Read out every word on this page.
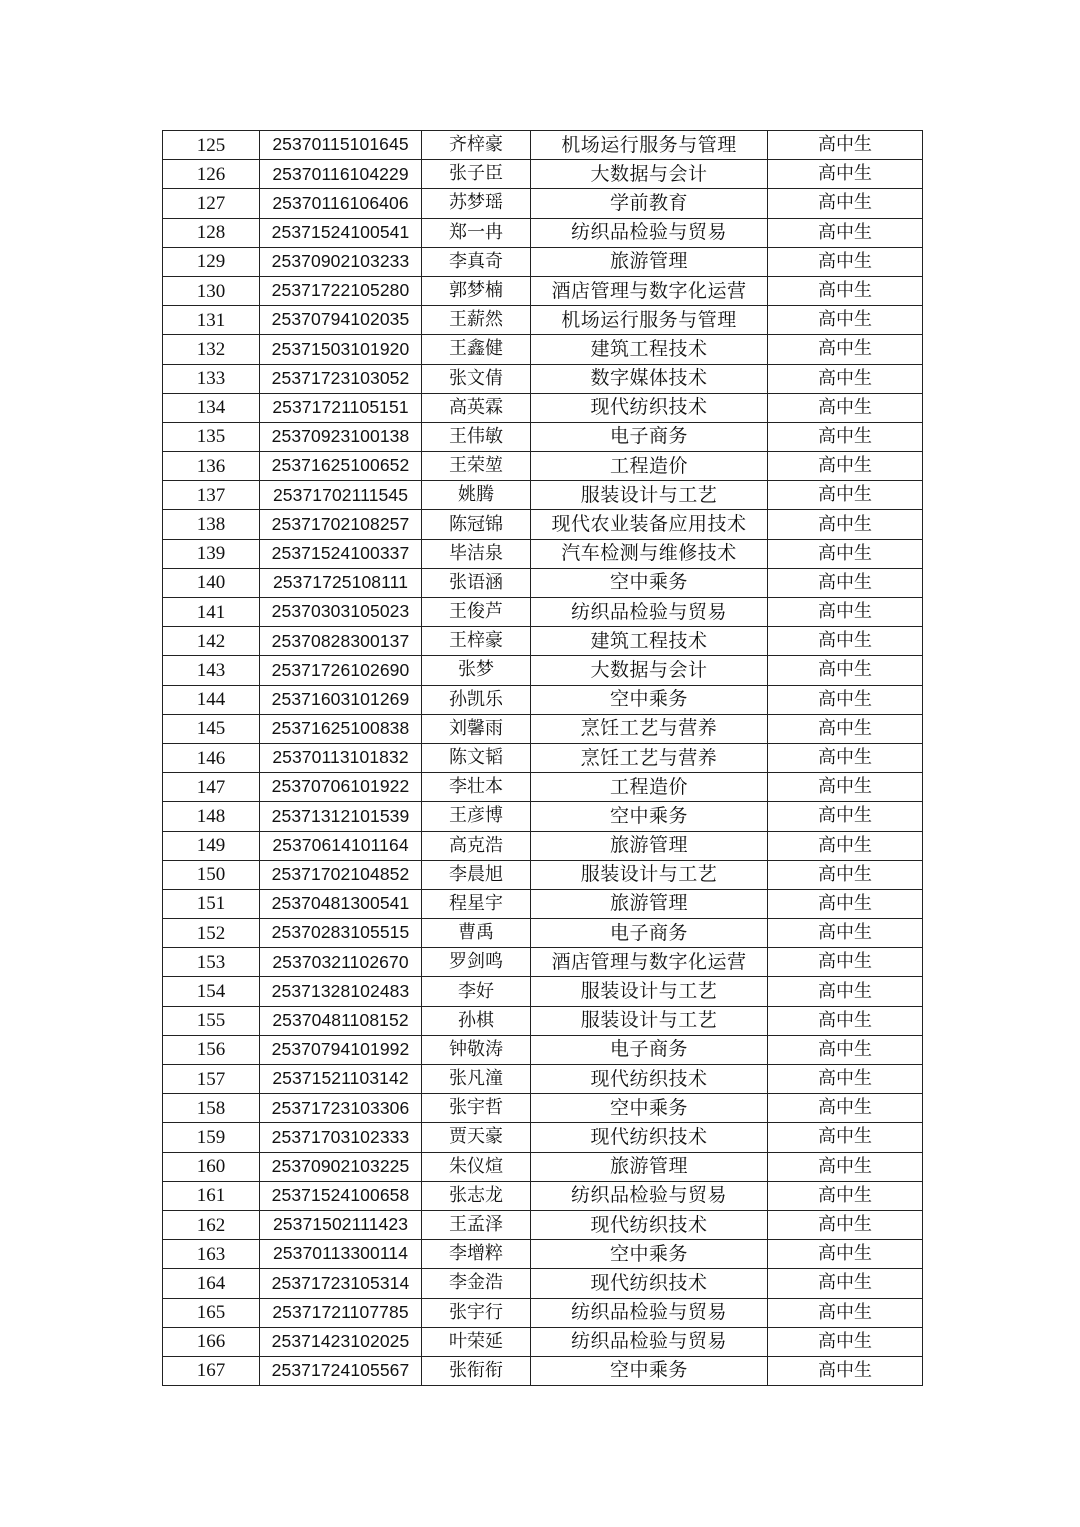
125	25370115101645	齐梓豪	机场运行服务与管理	高中生
126	25370116104229	张子臣	大数据与会计	高中生
127	25370116106406	苏梦瑶	学前教育	高中生
128	25371524100541	郑一冉	纺织品检验与贸易	高中生
129	25370902103233	李真奇	旅游管理	高中生
130	25371722105280	郭梦楠	酒店管理与数字化运营	高中生
131	25370794102035	王薪然	机场运行服务与管理	高中生
132	25371503101920	王鑫健	建筑工程技术	高中生
133	25371723103052	张文倩	数字媒体技术	高中生
134	25371721105151	高英霖	现代纺织技术	高中生
135	25370923100138	王伟敏	电子商务	高中生
136	25371625100652	王荣堃	工程造价	高中生
137	25371702111545	姚腾	服装设计与工艺	高中生
138	25371702108257	陈冠锦	现代农业装备应用技术	高中生
139	25371524100337	毕洁泉	汽车检测与维修技术	高中生
140	25371725108111	张语涵	空中乘务	高中生
141	25370303105023	王俊芦	纺织品检验与贸易	高中生
142	25370828300137	王梓豪	建筑工程技术	高中生
143	25371726102690	张梦	大数据与会计	高中生
144	25371603101269	孙凯乐	空中乘务	高中生
145	25371625100838	刘馨雨	烹饪工艺与营养	高中生
146	25370113101832	陈文韬	烹饪工艺与营养	高中生
147	25370706101922	李壮本	工程造价	高中生
148	25371312101539	王彦博	空中乘务	高中生
149	25370614101164	高克浩	旅游管理	高中生
150	25371702104852	李晨旭	服装设计与工艺	高中生
151	25370481300541	程星宇	旅游管理	高中生
152	25370283105515	曹禹	电子商务	高中生
153	25370321102670	罗剑鸣	酒店管理与数字化运营	高中生
154	25371328102483	李好	服装设计与工艺	高中生
155	25370481108152	孙棋	服装设计与工艺	高中生
156	25370794101992	钟敬涛	电子商务	高中生
157	25371521103142	张凡潼	现代纺织技术	高中生
158	25371723103306	张宇哲	空中乘务	高中生
159	25371703102333	贾天豪	现代纺织技术	高中生
160	25370902103225	朱仪煊	旅游管理	高中生
161	25371524100658	张志龙	纺织品检验与贸易	高中生
162	25371502111423	王孟泽	现代纺织技术	高中生
163	25370113300114	李增粹	空中乘务	高中生
164	25371723105314	李金浩	现代纺织技术	高中生
165	25371721107785	张宇行	纺织品检验与贸易	高中生
166	25371423102025	叶荣延	纺织品检验与贸易	高中生
167	25371724105567	张衔衔	空中乘务	高中生
